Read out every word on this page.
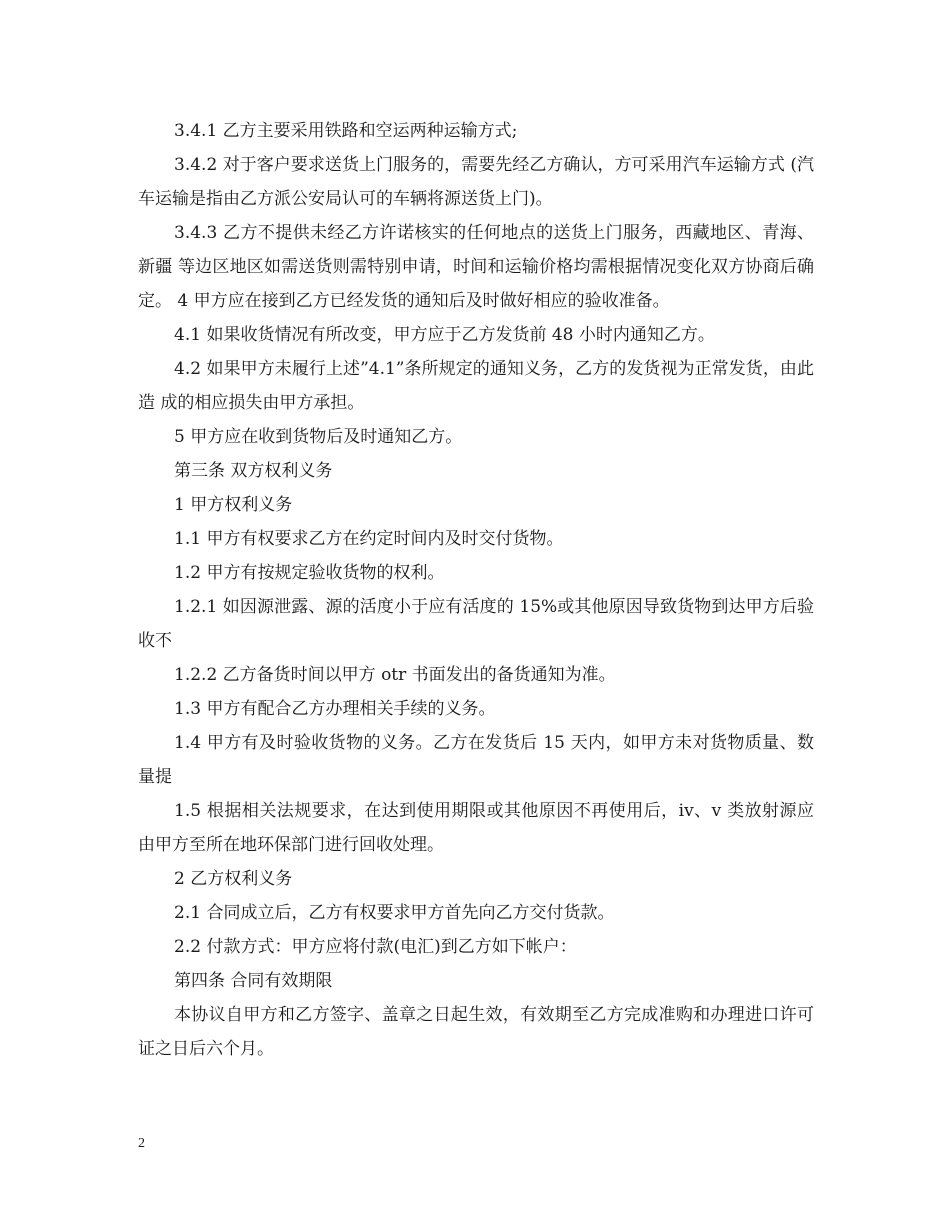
3.4.1 乙方主要采用铁路和空运两种运输方式;

3.4.2 对于客户要求送货上门服务的，需要先经乙方确认，方可采用汽车运输方式 (汽车运输是指由乙方派公安局认可的车辆将源送货上门)。

3.4.3 乙方不提供未经乙方许诺核实的任何地点的送货上门服务，西藏地区、青海、新疆 等边区地区如需送货则需特别申请，时间和运输价格均需根据情况变化双方协商后确定。 4 甲方应在接到乙方已经发货的通知后及时做好相应的验收准备。

4.1 如果收货情况有所改变，甲方应于乙方发货前 48 小时内通知乙方。

4.2 如果甲方未履行上述”4.1”条所规定的通知义务，乙方的发货视为正常发货，由此造 成的相应损失由甲方承担。

5 甲方应在收到货物后及时通知乙方。

第三条 双方权利义务

1 甲方权利义务

1.1 甲方有权要求乙方在约定时间内及时交付货物。

1.2 甲方有按规定验收货物的权利。

1.2.1 如因源泄露、源的活度小于应有活度的 15%或其他原因导致货物到达甲方后验收不

1.2.2 乙方备货时间以甲方 otr 书面发出的备货通知为准。

1.3 甲方有配合乙方办理相关手续的义务。

1.4 甲方有及时验收货物的义务。乙方在发货后 15 天内，如甲方未对货物质量、数量提

1.5 根据相关法规要求，在达到使用期限或其他原因不再使用后，iv、v 类放射源应由甲方至所在地环保部门进行回收处理。

2 乙方权利义务

2.1 合同成立后，乙方有权要求甲方首先向乙方交付货款。

2.2 付款方式：甲方应将付款(电汇)到乙方如下帐户：

第四条 合同有效期限

本协议自甲方和乙方签字、盖章之日起生效，有效期至乙方完成准购和办理进口许可证之日后六个月。

2
